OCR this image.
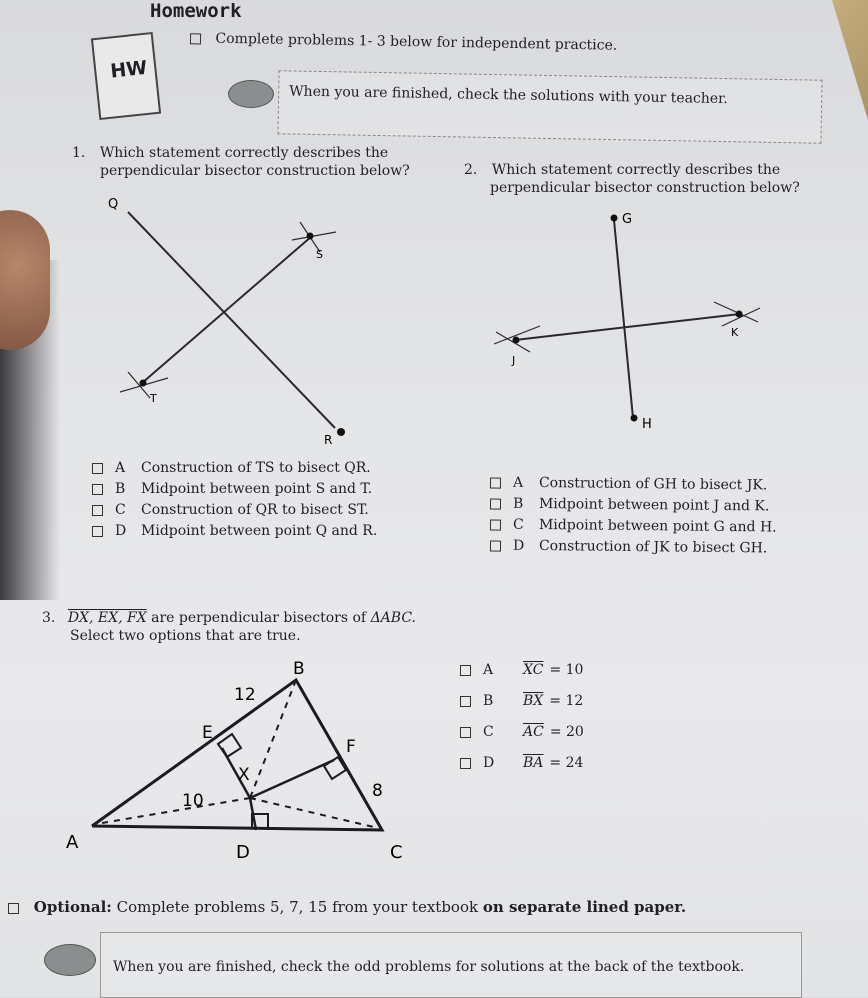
Homework
HW
Complete problems 1- 3 below for independent practice.
When you are finished, check the solutions with your teacher.
1. Which statement correctly describes the
perpendicular bisector construction below?
Q
S
T
R
G
K
J
H
B
A	C
D
E
F
X
12
10	8
A Construction of TS to bisect QR.
B Midpoint between point S and T.
C Construction of QR to bisect ST.
D Midpoint between point Q and R.
2. Which statement correctly describes the
perpendicular bisector construction below?
A Construction of GH to bisect JK.
B Midpoint between point J and K.
C Midpoint between point G and H.
D Construction of JK to bisect GH.
3. DX, EX, FX are perpendicular bisectors of ΔABC.
Select two options that are true.
A $\overline{XC} = 10$
B $\overline{BX} = 12$
C $\overline{AC} = 20$
D $\overline{BA} = 24$
Optional: Complete problems 5, 7, 15 from your textbook on separate lined paper.
When you are finished, check the odd problems for solutions at the back of the textbook.
